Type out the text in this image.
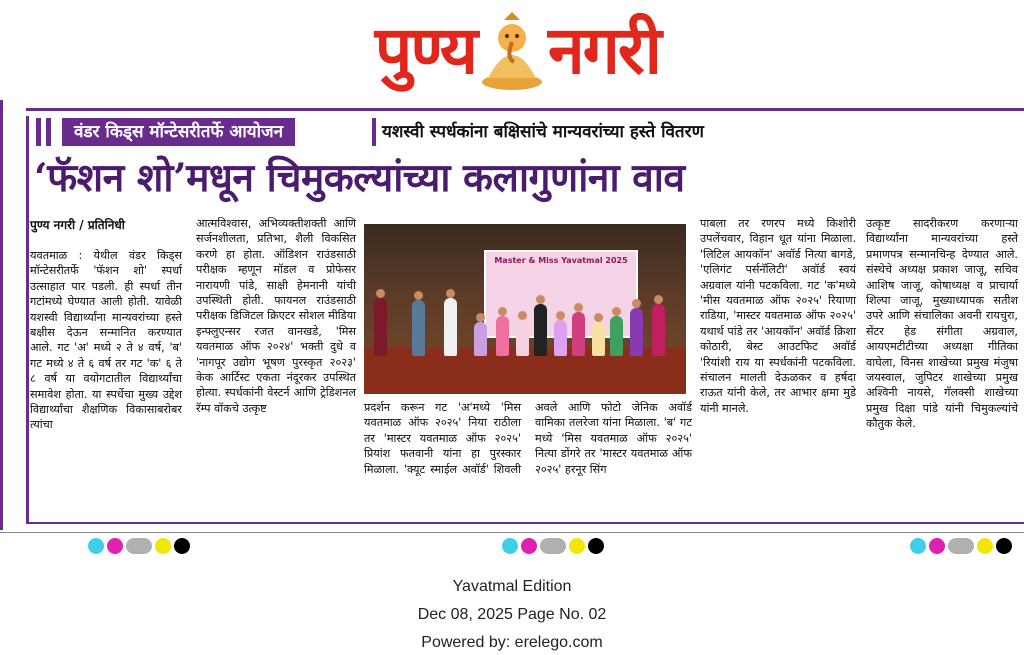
पुण्य नगरी
वंडर किड्स मॉन्टेसरीतर्फे आयोजन	यशस्वी स्पर्धकांना बक्षिसांचे मान्यवरांच्या हस्ते वितरण
‘फॅशन शो’मधून चिमुकल्यांच्या कलागुणांना वाव
पुण्य नगरी / प्रतिनिधी

यवतमाळ : येथील वंडर किड्स मॉन्टेसरीतर्फे 'फॅशन शो' स्पर्धा उत्साहात पार पडली. ही स्पर्धा तीन गटांमध्ये घेण्यात आली होती. यावेळी यशस्वी विद्यार्थ्यांना मान्यवरांच्या हस्ते बक्षीस देऊन सन्मानित करण्यात आले. गट 'अ' मध्ये २ ते ४ वर्ष, 'ब' गट मध्ये ४ ते ६ वर्ष तर गट 'क' ६ ते ८ वर्ष या वयोगटातील विद्यार्थ्यांचा समावेश होता. या स्पर्धेचा मुख्य उद्देश विद्यार्थ्यांचा शैक्षणिक विकासाबरोबर त्यांचा

आत्मविश्वास, अभिव्यक्तीशक्ती आणि सर्जनशीलता, प्रतिभा, शैली विकसित करणे हा होता. ऑडिशन राउंडसाठी परीक्षक म्हणून मॉडल व प्रोफेसर नारायणी पांडे, साक्षी हेमनानी यांची उपस्थिती होती. फायनल राउंडसाठी परीक्षक डिजिटल क्रिएटर सोशल मीडिया इन्फ्लुएन्सर रजत वानखडे, 'मिस यवतमाळ ऑफ २०२४' भक्ती दुधे व 'नागपूर उद्योग भूषण पुरस्कृत २०२३' केक आर्टिस्ट एकता नंदूरकर उपस्थित होत्या. स्पर्धकांनी वेस्टर्न आणि ट्रेडिशनल रॅम्प वॉकचे उत्कृष्ट

Master & Miss Yavatmal 2025

प्रदर्शन करून गट 'अ'मध्ये 'मिस यवतमाळ ऑफ २०२५' निया राठीला तर 'मास्टर यवतमाळ ऑफ २०२५' प्रियांश फतवानी यांना हा पुरस्कार मिळाला. 'क्यूट स्माईल अवॉर्ड' शिवली अवले आणि फोटो जेनिक अवॉर्ड वामिका तलरेजा यांना मिळाला. 'ब' गट मध्ये 'मिस यवतमाळ ऑफ २०२५' नित्या डोंगरे तर 'मास्टर यवतमाळ ऑफ २०२५' हरनूर सिंग

पाबला तर रणरप मध्ये किशोरी उपलेंचवार, विहान धूत यांना मिळाला. 'लिटिल आयकॉन' अवॉर्ड नित्या बागडे, 'एलिगंट पर्सनॅलिटी' अवॉर्ड स्वयं अग्रवाल यांनी पटकविला. गट 'क'मध्ये 'मीस यवतमाळ ऑफ २०२५' रियाणा राडिया, 'मास्टर यवतमाळ ऑफ २०२५' यथार्थ पांडे तर 'आयकॉन' अवॉर्ड क्रिशा कोठारी, बेस्ट आउटफिट अवॉर्ड 'रियांशी राय या स्पर्धकांनी पटकविला. संचालन मालती देऊळकर व हर्षदा राऊत यांनी केले, तर आभार क्षमा मुडे यांनी मानले.

उत्कृष्ट सादरीकरण करणाऱ्या विद्यार्थ्यांना मान्यवरांच्या हस्ते प्रमाणपत्र सन्मानचिन्ह देण्यात आले. संस्थेचे अध्यक्ष प्रकाश जाजू, सचिव आशिष जाजू, कोषाध्यक्ष व प्राचार्या शिल्पा जाजू, मुख्याध्यापक सतीश उपरे आणि संचालिका अवनी रायचुरा, सेंटर हेड संगीता अग्रवाल, आयएमटीटीच्या अध्यक्षा गीतिका वाघेला, विनस शाखेच्या प्रमुख मंजुषा जयस्वाल, जुपिटर शाखेच्या प्रमुख अश्विनी नायसे, गॅलक्सी शाखेच्या प्रमुख दिक्षा पांडे यांनी चिमुकल्यांचे कौतुक केले.

Yavatmal Edition
Dec 08, 2025 Page No. 02
Powered by: erelego.com
